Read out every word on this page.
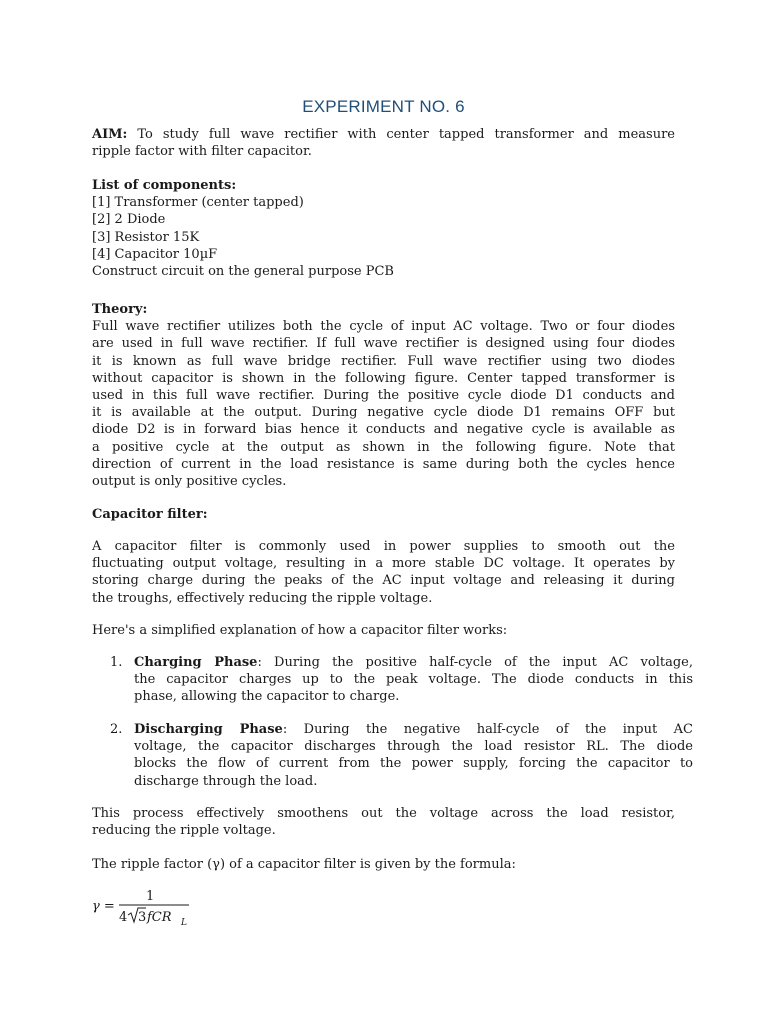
EXPERIMENT NO. 6
AIM: To study full wave rectifier with center tapped transformer and measure
ripple factor with filter capacitor.
List of components:
[1] Transformer (center tapped)
[2] 2 Diode
[3] Resistor 15K
[4] Capacitor 10µF
Construct circuit on the general purpose PCB
Theory:
Full wave rectifier utilizes both the cycle of input AC voltage. Two or four diodes
are used in full wave rectifier. If full wave rectifier is designed using four diodes
it is known as full wave bridge rectifier. Full wave rectifier using two diodes
without capacitor is shown in the following figure. Center tapped transformer is
used in this full wave rectifier. During the positive cycle diode D1 conducts and
it is available at the output. During negative cycle diode D1 remains OFF but
diode D2 is in forward bias hence it conducts and negative cycle is available as
a positive cycle at the output as shown in the following figure. Note that
direction of current in the load resistance is same during both the cycles hence
output is only positive cycles.
Capacitor filter:
A capacitor filter is commonly used in power supplies to smooth out the
fluctuating output voltage, resulting in a more stable DC voltage. It operates by
storing charge during the peaks of the AC input voltage and releasing it during
the troughs, effectively reducing the ripple voltage.
Here's a simplified explanation of how a capacitor filter works:
1. Charging Phase: During the positive half-cycle of the input AC voltage,
the capacitor charges up to the peak voltage. The diode conducts in this
phase, allowing the capacitor to charge.
2. Discharging Phase: During the negative half-cycle of the input AC
voltage, the capacitor discharges through the load resistor RL. The diode
blocks the flow of current from the power supply, forcing the capacitor to
discharge through the load.
This process effectively smoothens out the voltage across the load resistor,
reducing the ripple voltage.
The ripple factor (γ) of a capacitor filter is given by the formula:
γ =
1
4 3 fCR L
